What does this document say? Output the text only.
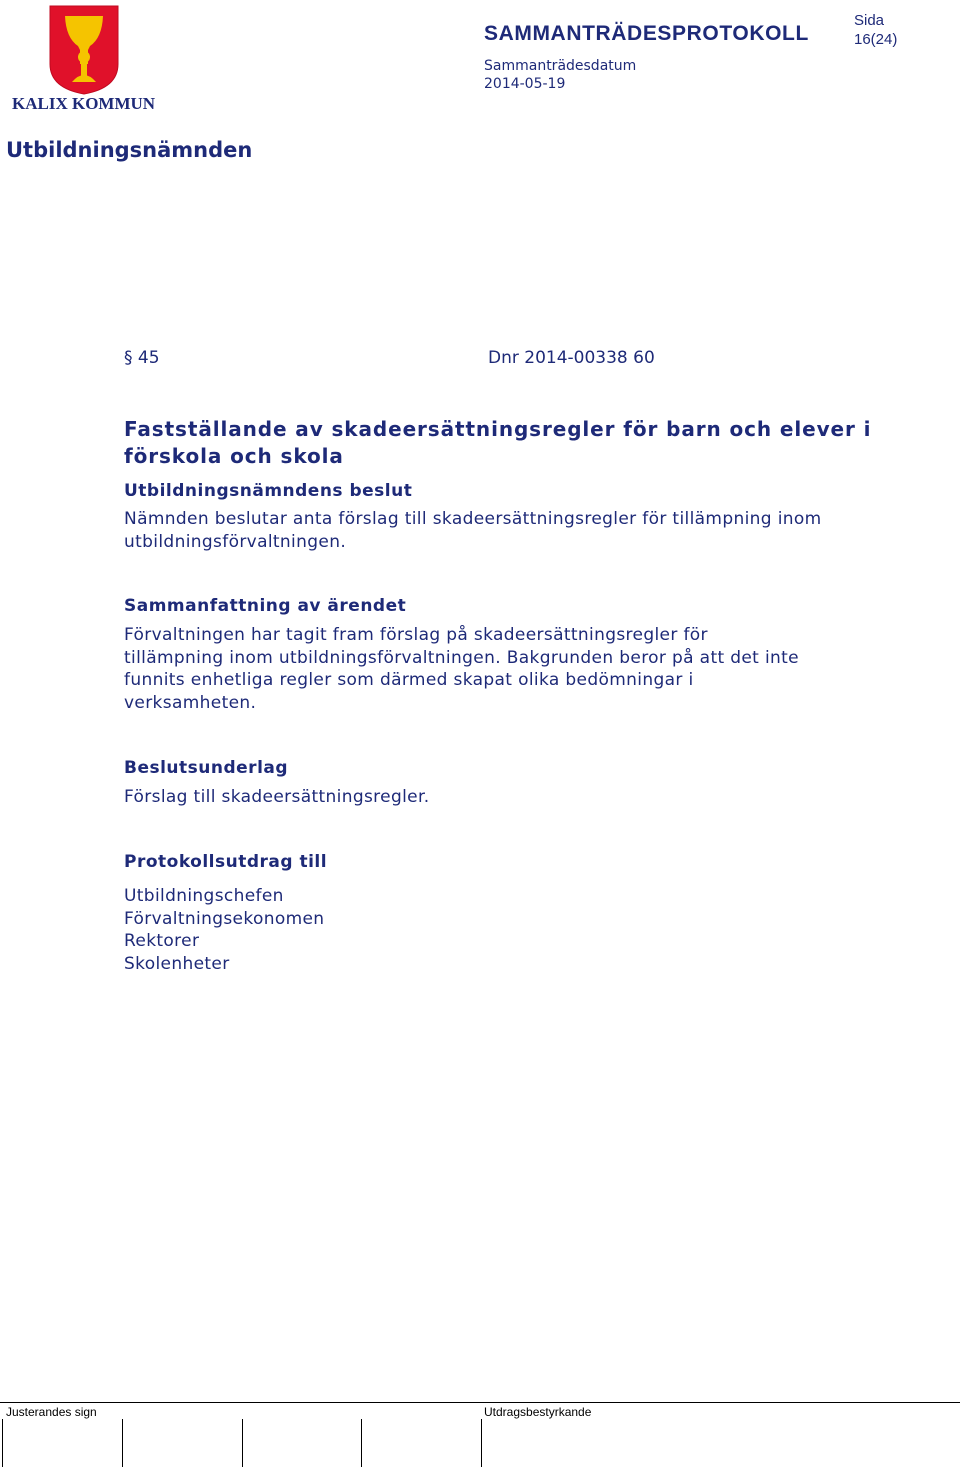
KALIX KOMMUN
SAMMANTRÄDESPROTOKOLL
Sida
16(24)
Sammanträdesdatum
2014-05-19
Utbildningsnämnden
§ 45	Dnr 2014-00338 60
Fastställande av skadeersättningsregler för barn och elever i förskola och skola
Utbildningsnämndens beslut
Nämnden beslutar anta förslag till skadeersättningsregler för tillämpning inom utbildningsförvaltningen.
Sammanfattning av ärendet
Förvaltningen har tagit fram förslag på skadeersättningsregler för tillämpning inom utbildningsförvaltningen. Bakgrunden beror på att det inte funnits enhetliga regler som därmed skapat olika bedömningar i verksamheten.
Beslutsunderlag
Förslag till skadeersättningsregler.
Protokollsutdrag till
Utbildningschefen
Förvaltningsekonomen
Rektorer
Skolenheter
Justerandes sign	Utdragsbestyrkande
